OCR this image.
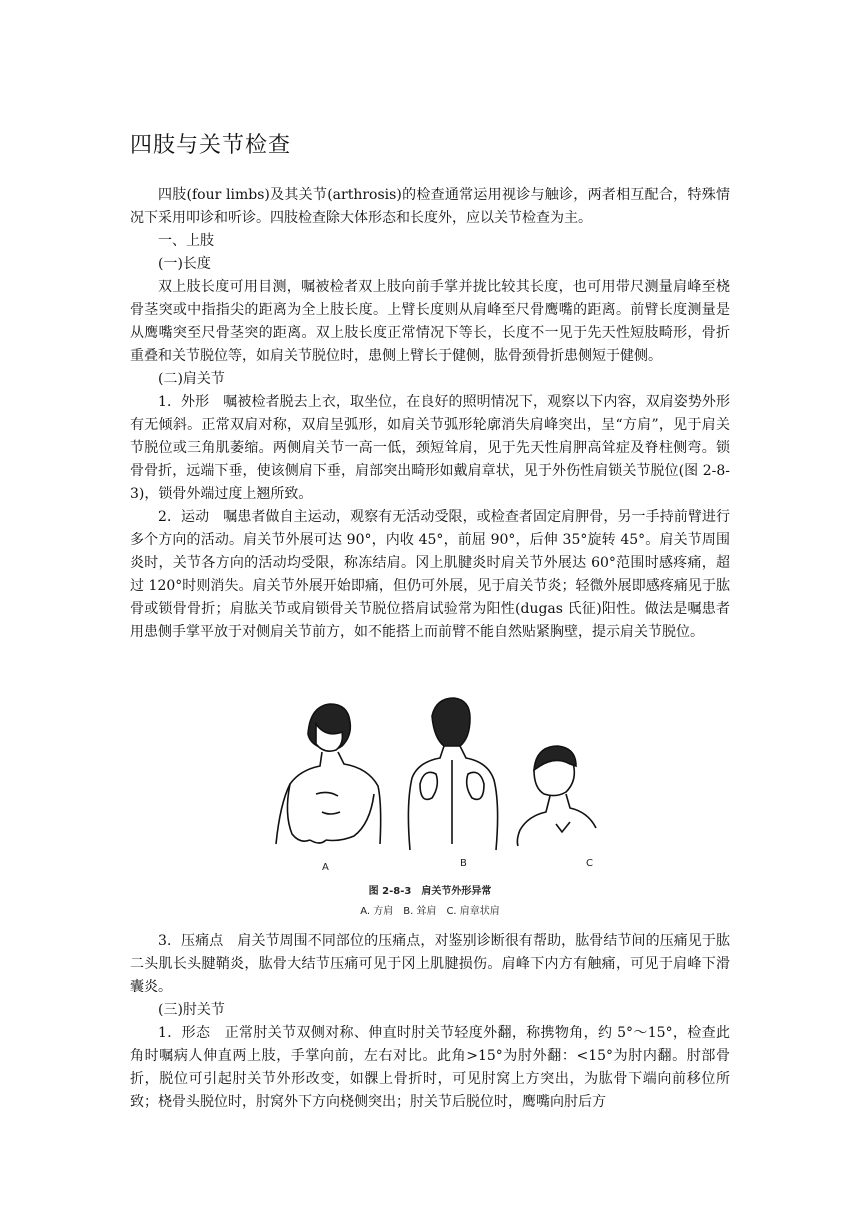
四肢与关节检查

四肢(four limbs)及其关节(arthrosis)的检查通常运用视诊与触诊，两者相互配合，特殊情况下采用叩诊和听诊。四肢检查除大体形态和长度外，应以关节检查为主。

一、上肢

(一)长度

双上肢长度可用目测，嘱被检者双上肢向前手掌并拢比较其长度，也可用带尺测量肩峰至桡骨茎突或中指指尖的距离为全上肢长度。上臂长度则从肩峰至尺骨鹰嘴的距离。前臂长度测量是从鹰嘴突至尺骨茎突的距离。双上肢长度正常情况下等长，长度不一见于先天性短肢畸形，骨折重叠和关节脱位等，如肩关节脱位时，患侧上臂长于健侧，肱骨颈骨折患侧短于健侧。

(二)肩关节

1．外形　嘱被检者脱去上衣，取坐位，在良好的照明情况下，观察以下内容，双肩姿势外形有无倾斜。正常双肩对称，双肩呈弧形，如肩关节弧形轮廓消失肩峰突出，呈“方肩”，见于肩关节脱位或三角肌萎缩。两侧肩关节一高一低，颈短耸肩，见于先天性肩胛高耸症及脊柱侧弯。锁骨骨折，远端下垂，使该侧肩下垂，肩部突出畸形如戴肩章状，见于外伤性肩锁关节脱位(图 2-8-3)，锁骨外端过度上翘所致。

2．运动　嘱患者做自主运动，观察有无活动受限，或检查者固定肩胛骨，另一手持前臂进行多个方向的活动。肩关节外展可达 90°，内收 45°，前屈 90°，后伸 35°旋转 45°。肩关节周围炎时，关节各方向的活动均受限，称冻结肩。冈上肌腱炎时肩关节外展达 60°范围时感疼痛，超过 120°时则消失。肩关节外展开始即痛，但仍可外展，见于肩关节炎；轻微外展即感疼痛见于肱骨或锁骨骨折；肩肱关节或肩锁骨关节脱位搭肩试验常为阳性(dugas 氏征)阳性。做法是嘱患者用患侧手掌平放于对侧肩关节前方，如不能搭上而前臂不能自然贴紧胸壁，提示肩关节脱位。

A	B	C
图 2-8-3　肩关节外形异常
A. 方肩　B. 耸肩　C. 肩章状肩

3．压痛点　肩关节周围不同部位的压痛点，对鉴别诊断很有帮助，肱骨结节间的压痛见于肱二头肌长头腱鞘炎，肱骨大结节压痛可见于冈上肌腱损伤。肩峰下内方有触痛，可见于肩峰下滑囊炎。

(三)肘关节

1．形态　正常肘关节双侧对称、伸直时肘关节轻度外翻，称携物角，约 5°～15°，检查此角时嘱病人伸直两上肢，手掌向前，左右对比。此角>15°为肘外翻：<15°为肘内翻。肘部骨折，脱位可引起肘关节外形改变，如髁上骨折时，可见肘窝上方突出，为肱骨下端向前移位所致；桡骨头脱位时，肘窝外下方向桡侧突出；肘关节后脱位时，鹰嘴向肘后方
